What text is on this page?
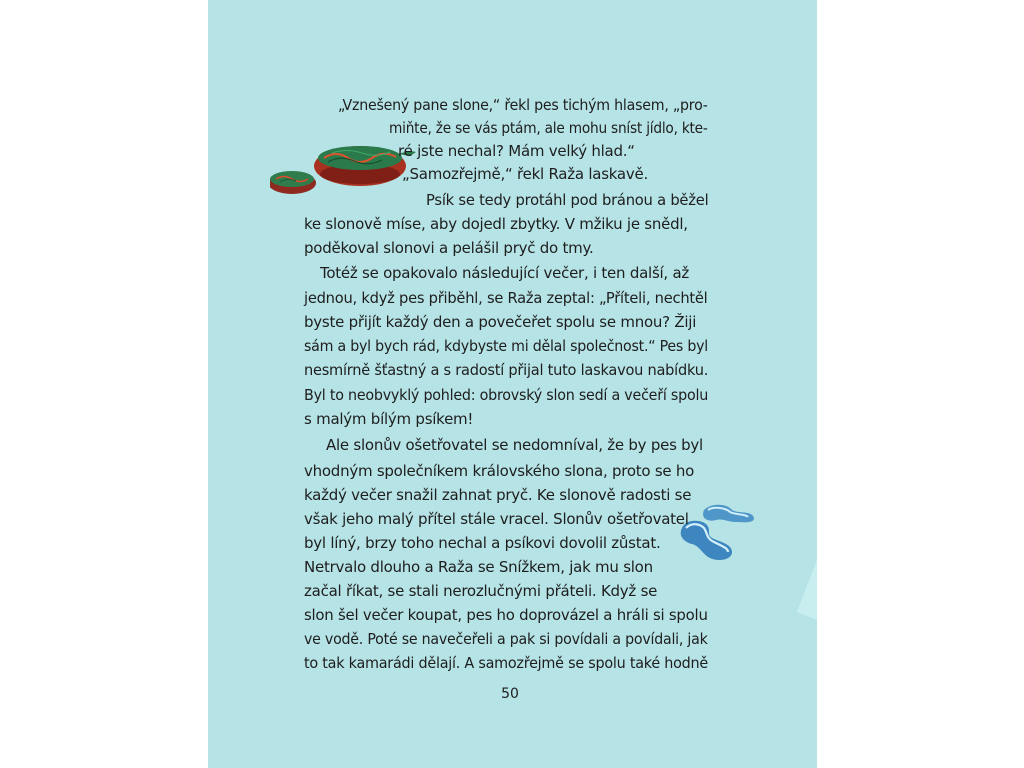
„Vznešený pane slone,“ řekl pes tichým hlasem, „pro-

miňte, že se vás ptám, ale mohu sníst jídlo, kte-

ré jste nechal? Mám velký hlad.“

„Samozřejmě,“ řekl Raža laskavě.

Psík se tedy protáhl pod bránou a běžel

ke slonově míse, aby dojedl zbytky. V mžiku je snědl,

poděkoval slonovi a pelášil pryč do tmy.

Totéž se opakovalo následující večer, i ten další, až

jednou, když pes přiběhl, se Raža zeptal: „Příteli, nechtěl

byste přijít každý den a povečeřet spolu se mnou? Žiji

sám a byl bych rád, kdybyste mi dělal společnost.“ Pes byl

nesmírně šťastný a s radostí přijal tuto laskavou nabídku.

Byl to neobvyklý pohled: obrovský slon sedí a večeří spolu

s malým bílým psíkem!

Ale slonův ošetřovatel se nedomníval, že by pes byl

vhodným společníkem královského slona, proto se ho

každý večer snažil zahnat pryč. Ke slonově radosti se

však jeho malý přítel stále vracel. Slonův ošetřovatel

byl líný, brzy toho nechal a psíkovi dovolil zůstat.

Netrvalo dlouho a Raža se Snížkem, jak mu slon

začal říkat, se stali nerozlučnými přáteli. Když se

slon šel večer koupat, pes ho doprovázel a hráli si spolu

ve vodě. Poté se navečeřeli a pak si povídali a povídali, jak

to tak kamarádi dělají. A samozřejmě se spolu také hodně

50
